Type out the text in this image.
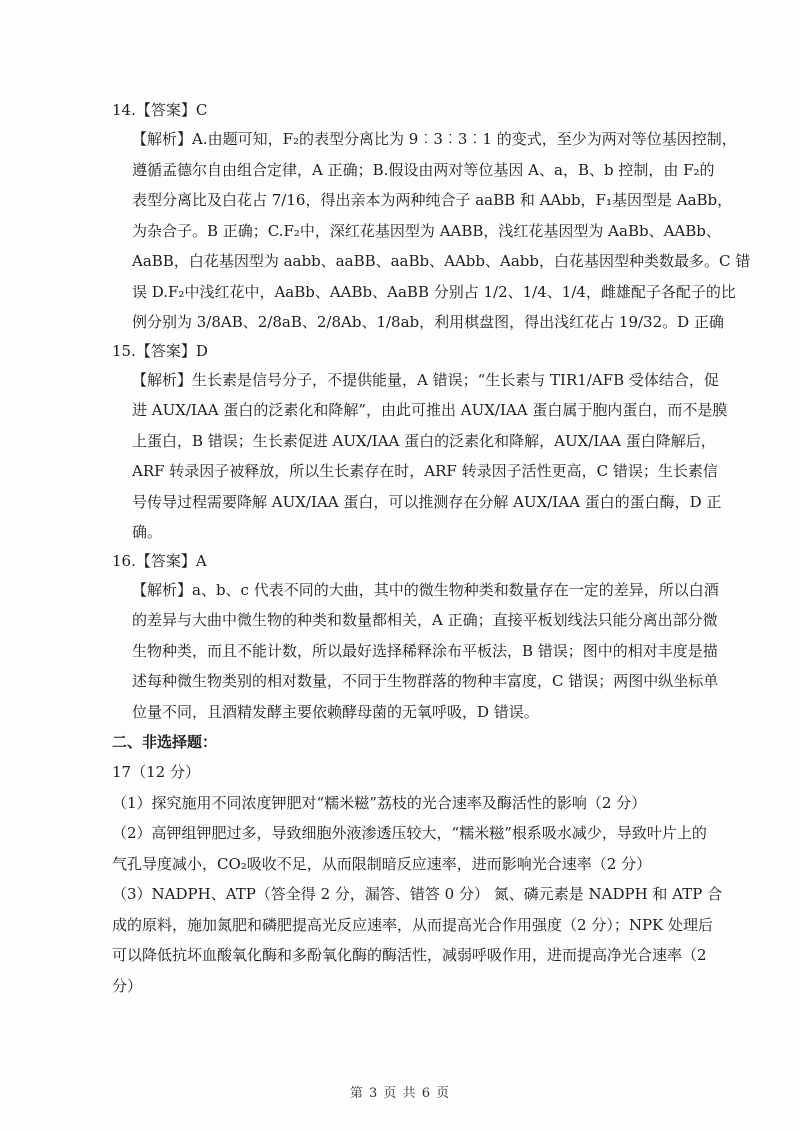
14.【答案】C
【解析】A.由题可知，F₂的表型分离比为 9︰3︰3︰1 的变式，至少为两对等位基因控制，
遵循孟德尔自由组合定律，A 正确；B.假设由两对等位基因 A、a，B、b 控制，由 F₂的
表型分离比及白花占 7/16，得出亲本为两种纯合子 aaBB 和 AAbb，F₁基因型是 AaBb，
为杂合子。B 正确；C.F₂中，深红花基因型为 AABB，浅红花基因型为 AaBb、AABb、
AaBB，白花基因型为 aabb、aaBB、aaBb、AAbb、Aabb，白花基因型种类数最多。C 错
误 D.F₂中浅红花中，AaBb、AABb、AaBB 分别占 1/2、1/4、1/4，雌雄配子各配子的比
例分别为 3/8AB、2/8aB、2/8Ab、1/8ab，利用棋盘图，得出浅红花占 19/32。D 正确
15.【答案】D
【解析】生长素是信号分子，不提供能量，A 错误；“生长素与 TIR1/AFB 受体结合，促
进 AUX/IAA 蛋白的泛素化和降解”，由此可推出 AUX/IAA 蛋白属于胞内蛋白，而不是膜
上蛋白，B 错误；生长素促进 AUX/IAA 蛋白的泛素化和降解，AUX/IAA 蛋白降解后，
ARF 转录因子被释放，所以生长素存在时，ARF 转录因子活性更高，C 错误；生长素信
号传导过程需要降解 AUX/IAA 蛋白，可以推测存在分解 AUX/IAA 蛋白的蛋白酶，D 正
确。
16.【答案】A
【解析】a、b、c 代表不同的大曲，其中的微生物种类和数量存在一定的差异，所以白酒
的差异与大曲中微生物的种类和数量都相关，A 正确；直接平板划线法只能分离出部分微
生物种类，而且不能计数，所以最好选择稀释涂布平板法，B 错误；图中的相对丰度是描
述每种微生物类别的相对数量，不同于生物群落的物种丰富度，C 错误；两图中纵坐标单
位量不同，且酒精发酵主要依赖酵母菌的无氧呼吸，D 错误。
二、非选择题：
17（12 分）
（1）探究施用不同浓度钾肥对“糯米糍”荔枝的光合速率及酶活性的影响（2 分）
（2）高钾组钾肥过多，导致细胞外液渗透压较大，“糯米糍”根系吸水减少，导致叶片上的
气孔导度减小，CO₂吸收不足，从而限制暗反应速率，进而影响光合速率（2 分）
（3）NADPH、ATP（答全得 2 分，漏答、错答 0 分） 氮、磷元素是 NADPH 和 ATP 合
成的原料，施加氮肥和磷肥提高光反应速率，从而提高光合作用强度（2 分）；NPK 处理后
可以降低抗坏血酸氧化酶和多酚氧化酶的酶活性，减弱呼吸作用，进而提高净光合速率（2
分）
第 3 页 共 6 页
